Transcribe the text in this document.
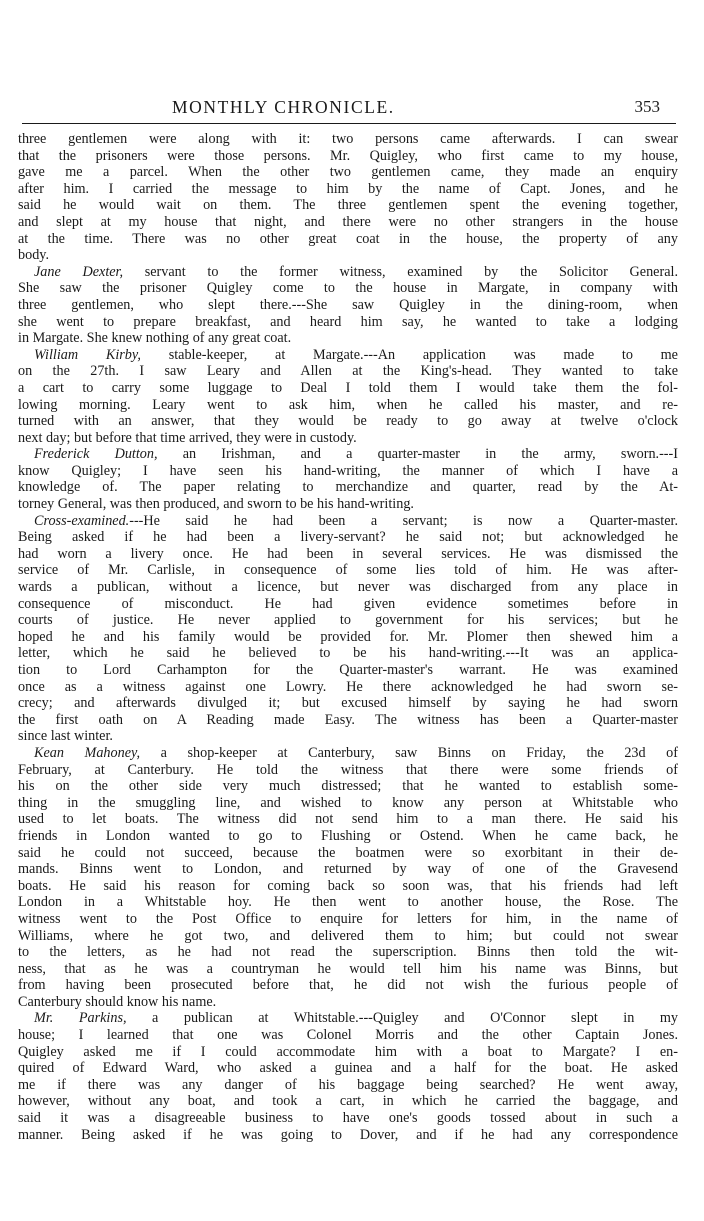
MONTHLY CHRONICLE.	353
three gentlemen were along with it: two persons came afterwards. I can swear
that the prisoners were those persons. Mr. Quigley, who first came to my house,
gave me a parcel. When the other two gentlemen came, they made an enquiry
after him. I carried the message to him by the name of Capt. Jones, and he
said he would wait on them. The three gentlemen spent the evening together,
and slept at my house that night, and there were no other strangers in the house
at the time. There was no other great coat in the house, the property of any
body.
Jane Dexter, servant to the former witness, examined by the Solicitor General.
She saw the prisoner Quigley come to the house in Margate, in company with
three gentlemen, who slept there.---She saw Quigley in the dining-room, when
she went to prepare breakfast, and heard him say, he wanted to take a lodging
in Margate. She knew nothing of any great coat.
William Kirby, stable-keeper, at Margate.---An application was made to me
on the 27th. I saw Leary and Allen at the King's-head. They wanted to take
a cart to carry some luggage to Deal I told them I would take them the fol-
lowing morning. Leary went to ask him, when he called his master, and re-
turned with an answer, that they would be ready to go away at twelve o'clock
next day; but before that time arrived, they were in custody.
Frederick Dutton, an Irishman, and a quarter-master in the army, sworn.---I
know Quigley; I have seen his hand-writing, the manner of which I have a
knowledge of. The paper relating to merchandize and quarter, read by the At-
torney General, was then produced, and sworn to be his hand-writing.
Cross-examined.---He said he had been a servant; is now a Quarter-master.
Being asked if he had been a livery-servant? he said not; but acknowledged he
had worn a livery once. He had been in several services. He was dismissed the
service of Mr. Carlisle, in consequence of some lies told of him. He was after-
wards a publican, without a licence, but never was discharged from any place in
consequence of misconduct. He had given evidence sometimes before in
courts of justice. He never applied to government for his services; but he
hoped he and his family would be provided for. Mr. Plomer then shewed him a
letter, which he said he believed to be his hand-writing.---It was an applica-
tion to Lord Carhampton for the Quarter-master's warrant. He was examined
once as a witness against one Lowry. He there acknowledged he had sworn se-
crecy; and afterwards divulged it; but excused himself by saying he had sworn
the first oath on A Reading made Easy. The witness has been a Quarter-master
since last winter.
Kean Mahoney, a shop-keeper at Canterbury, saw Binns on Friday, the 23d of
February, at Canterbury. He told the witness that there were some friends of
his on the other side very much distressed; that he wanted to establish some-
thing in the smuggling line, and wished to know any person at Whitstable who
used to let boats. The witness did not send him to a man there. He said his
friends in London wanted to go to Flushing or Ostend. When he came back, he
said he could not succeed, because the boatmen were so exorbitant in their de-
mands. Binns went to London, and returned by way of one of the Gravesend
boats. He said his reason for coming back so soon was, that his friends had left
London in a Whitstable hoy. He then went to another house, the Rose. The
witness went to the Post Office to enquire for letters for him, in the name of
Williams, where he got two, and delivered them to him; but could not swear
to the letters, as he had not read the superscription. Binns then told the wit-
ness, that as he was a countryman he would tell him his name was Binns, but
from having been prosecuted before that, he did not wish the furious people of
Canterbury should know his name.
Mr. Parkins, a publican at Whitstable.---Quigley and O'Connor slept in my
house; I learned that one was Colonel Morris and the other Captain Jones.
Quigley asked me if I could accommodate him with a boat to Margate? I en-
quired of Edward Ward, who asked a guinea and a half for the boat. He asked
me if there was any danger of his baggage being searched? He went away,
however, without any boat, and took a cart, in which he carried the baggage, and
said it was a disagreeable business to have one's goods tossed about in such a
manner. Being asked if he was going to Dover, and if he had any correspondence
